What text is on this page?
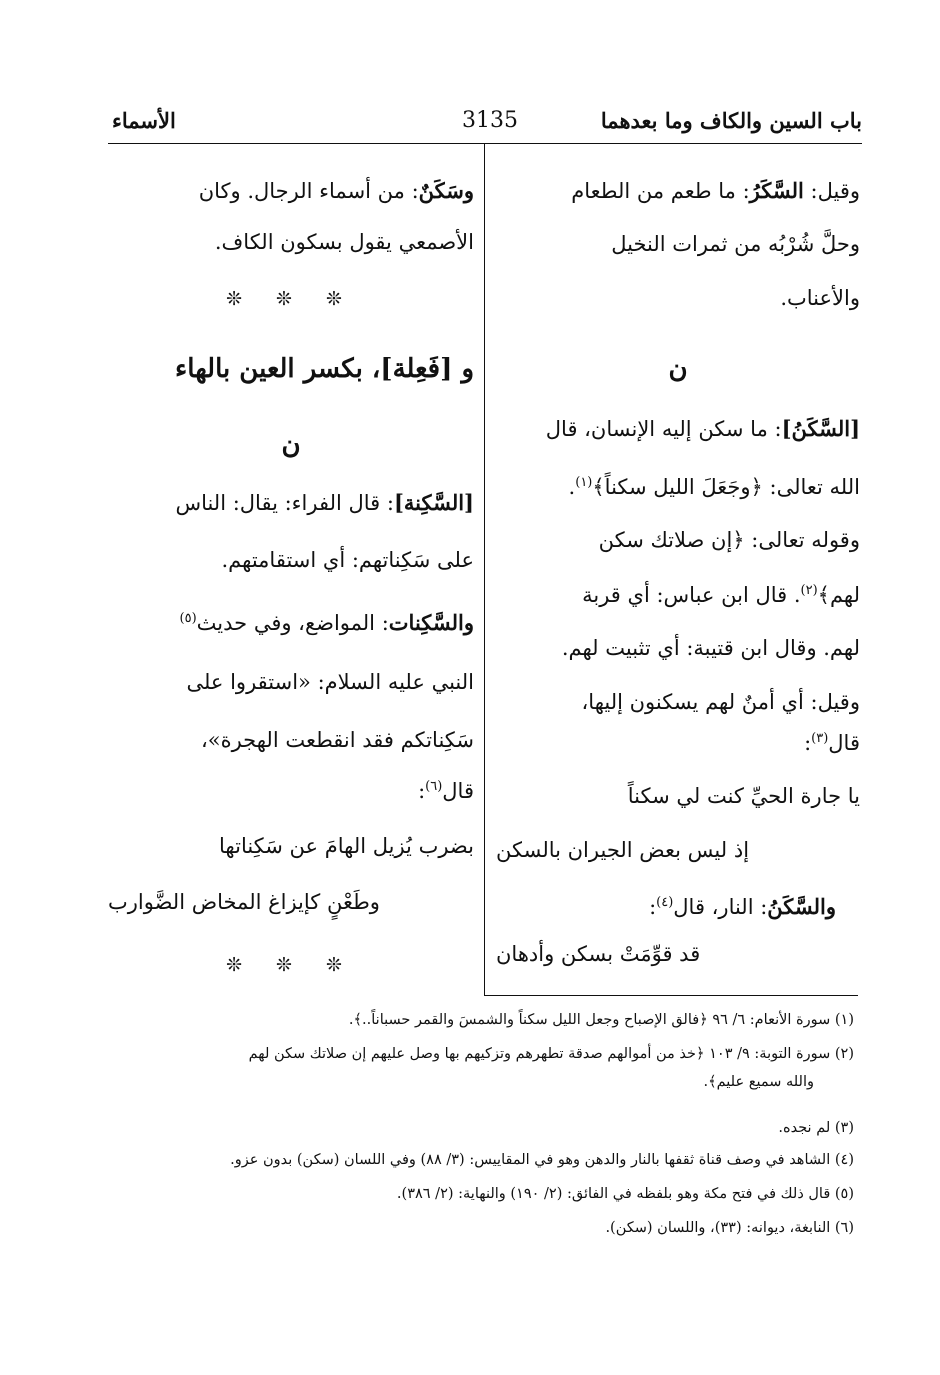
باب السين والكاف وما بعدهما
3135
الأسماء
وقيل: السَّكَرُ: ما طعم من الطعام
وحلَّ شُرْبُه من ثمرات النخيل
والأعناب.
ن
[السَّكَنُ]: ما سكن إليه الإنسان، قال
الله تعالى: ﴿وجَعَلَ الليل سكناً﴾$^{(١)}$.
وقوله تعالى: ﴿إن صلاتك سكن
لهم﴾$^{(٢)}$. قال ابن عباس: أي قربة
لهم. وقال ابن قتيبة: أي تثبيت لهم.
وقيل: أي أمنٌ لهم يسكنون إليها،
قال$^{(٣)}$:
يا جارة الحيِّ كنت لي سكناً
إذ ليس بعض الجيران بالسكن
والسَّكَنُ: النار، قال$^{(٤)}$:
قد قوِّمَتْ بسكن وأدهان
وسَكَنٌ: من أسماء الرجال. وكان
الأصمعي يقول بسكون الكاف.
❊ ❊ ❊
و [فَعِلة]، بكسر العين بالهاء
ن
[السَّكِنة]: قال الفراء: يقال: الناس
على سَكِناتهم: أي استقامتهم.
والسَّكِنات: المواضع، وفي حديث$^{(٥)}$
النبي عليه السلام: «استقروا على
سَكِناتكم فقد انقطعت الهجرة»،
قال$^{(٦)}$:
بضرب يُزيل الهامَ عن سَكِناتها
وطَعْنٍ كإيزاغ المخاض الضَّوارب
❊ ❊ ❊
(١) سورة الأنعام: ٦/ ٩٦ ﴿فالق الإصباح وجعل الليل سكناً والشمسَ والقمر حسباناً..﴾.
(٢) سورة التوبة: ٩/ ١٠٣ ﴿خذ من أموالهم صدقة تطهرهم وتزكيهم بها وصل عليهم إن صلاتك سكن لهم
والله سميع عليم﴾.
(٣) لم نجده.
(٤) الشاهد في وصف قناة ثقفها بالنار والدهن وهو في المقاييس: (٣/ ٨٨) وفي اللسان (سكن) بدون عزو.
(٥) قال ذلك في فتح مكة وهو بلفظه في الفائق: (٢/ ١٩٠) والنهاية: (٢/ ٣٨٦).
(٦) النابغة، ديوانه: (٣٣)، واللسان (سكن).
